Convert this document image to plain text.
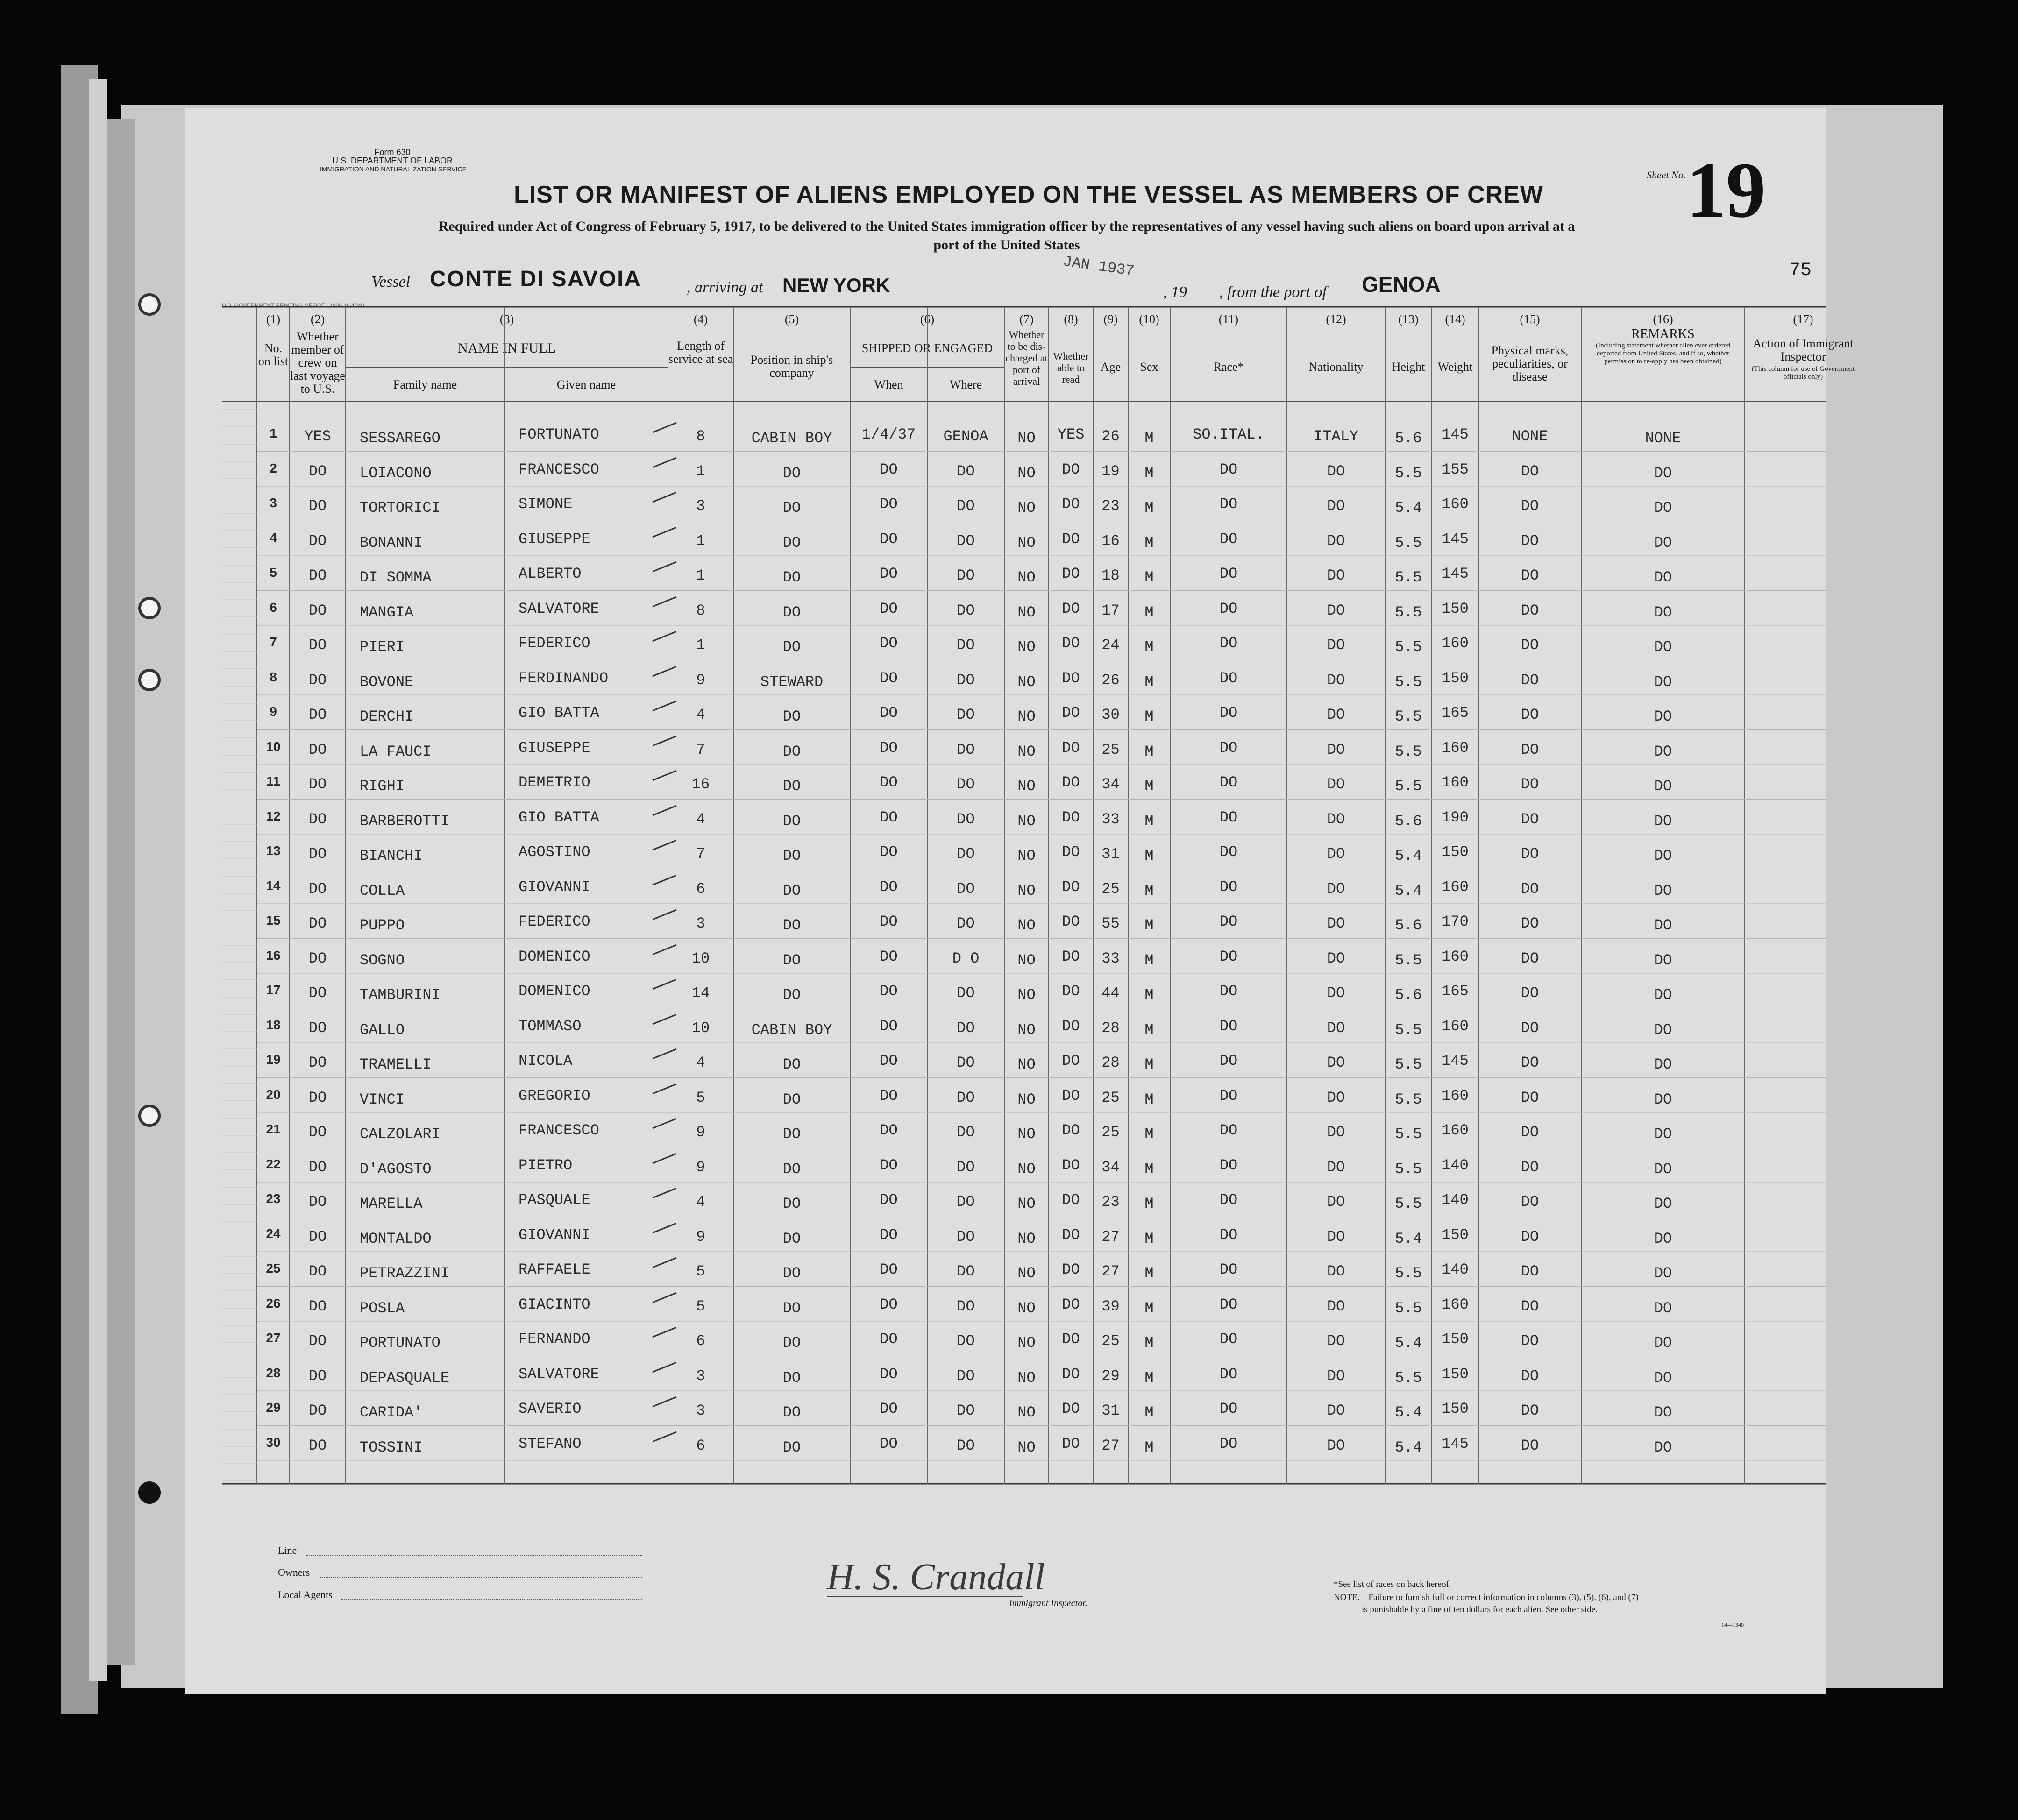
Form 630
U.S. DEPARTMENT OF LABOR
IMMIGRATION AND NATURALIZATION SERVICE
LIST OR MANIFEST OF ALIENS EMPLOYED ON THE VESSEL AS MEMBERS OF CREW
Required under Act of Congress of February 5, 1917, to be delivered to the United States immigration officer by the representatives of any vessel having such aliens on board upon arrival at a
port of the United States
Sheet No. 19
75
Vessel CONTE DI SAVOIA	, arriving at NEW YORK
JAN 1937
, 19 , from the port of GENOA
U.S. GOVERNMENT PRINTING OFFICE : 1936 16-1340
(1)
No. on list
(2)
Whether member of crew on last voyage to U.S.
(3)
NAME IN FULL
Family name	Given name
(4)
Length of service at sea
(5)
Position in ship's company
(6)
SHIPPED OR ENGAGED
When	Where
(7)
Whether to be dis-charged at port of arrival
(8)
Whether able to read
(9)
Age
(10)
Sex
(11)
Race*
(12)
Nationality
(13)
Height
(14)
Weight
(15)
Physical marks, peculiarities, or disease
(16)
REMARKS
(Including statement whether alien ever ordered deported from United States, and if so, whether permission to re-apply has been obtained)
(17)
Action of Immigrant Inspector
(This column for use of Government officials only)
1	YES	SESSAREGO	FORTUNATO	8	CABIN BOY	1/4/37	GENOA	NO	YES	26	M	SO.ITAL.	ITALY	5.6	145	NONE	NONE
2	DO	LOIACONO	FRANCESCO	1	DO	DO	DO	NO	DO	19	M	DO	DO	5.5	155	DO	DO
3	DO	TORTORICI	SIMONE	3	DO	DO	DO	NO	DO	23	M	DO	DO	5.4	160	DO	DO
4	DO	BONANNI	GIUSEPPE	1	DO	DO	DO	NO	DO	16	M	DO	DO	5.5	145	DO	DO
5	DO	DI SOMMA	ALBERTO	1	DO	DO	DO	NO	DO	18	M	DO	DO	5.5	145	DO	DO
6	DO	MANGIA	SALVATORE	8	DO	DO	DO	NO	DO	17	M	DO	DO	5.5	150	DO	DO
7	DO	PIERI	FEDERICO	1	DO	DO	DO	NO	DO	24	M	DO	DO	5.5	160	DO	DO
8	DO	BOVONE	FERDINANDO	9	STEWARD	DO	DO	NO	DO	26	M	DO	DO	5.5	150	DO	DO
9	DO	DERCHI	GIO BATTA	4	DO	DO	DO	NO	DO	30	M	DO	DO	5.5	165	DO	DO
10	DO	LA FAUCI	GIUSEPPE	7	DO	DO	DO	NO	DO	25	M	DO	DO	5.5	160	DO	DO
11	DO	RIGHI	DEMETRIO	16	DO	DO	DO	NO	DO	34	M	DO	DO	5.5	160	DO	DO
12	DO	BARBEROTTI	GIO BATTA	4	DO	DO	DO	NO	DO	33	M	DO	DO	5.6	190	DO	DO
13	DO	BIANCHI	AGOSTINO	7	DO	DO	DO	NO	DO	31	M	DO	DO	5.4	150	DO	DO
14	DO	COLLA	GIOVANNI	6	DO	DO	DO	NO	DO	25	M	DO	DO	5.4	160	DO	DO
15	DO	PUPPO	FEDERICO	3	DO	DO	DO	NO	DO	55	M	DO	DO	5.6	170	DO	DO
16	DO	SOGNO	DOMENICO	10	DO	DO	D O	NO	DO	33	M	DO	DO	5.5	160	DO	DO
17	DO	TAMBURINI	DOMENICO	14	DO	DO	DO	NO	DO	44	M	DO	DO	5.6	165	DO	DO
18	DO	GALLO	TOMMASO	10	CABIN BOY	DO	DO	NO	DO	28	M	DO	DO	5.5	160	DO	DO
19	DO	TRAMELLI	NICOLA	4	DO	DO	DO	NO	DO	28	M	DO	DO	5.5	145	DO	DO
20	DO	VINCI	GREGORIO	5	DO	DO	DO	NO	DO	25	M	DO	DO	5.5	160	DO	DO
21	DO	CALZOLARI	FRANCESCO	9	DO	DO	DO	NO	DO	25	M	DO	DO	5.5	160	DO	DO
22	DO	D'AGOSTO	PIETRO	9	DO	DO	DO	NO	DO	34	M	DO	DO	5.5	140	DO	DO
23	DO	MARELLA	PASQUALE	4	DO	DO	DO	NO	DO	23	M	DO	DO	5.5	140	DO	DO
24	DO	MONTALDO	GIOVANNI	9	DO	DO	DO	NO	DO	27	M	DO	DO	5.4	150	DO	DO
25	DO	PETRAZZINI	RAFFAELE	5	DO	DO	DO	NO	DO	27	M	DO	DO	5.5	140	DO	DO
26	DO	POSLA	GIACINTO	5	DO	DO	DO	NO	DO	39	M	DO	DO	5.5	160	DO	DO
27	DO	PORTUNATO	FERNANDO	6	DO	DO	DO	NO	DO	25	M	DO	DO	5.4	150	DO	DO
28	DO	DEPASQUALE	SALVATORE	3	DO	DO	DO	NO	DO	29	M	DO	DO	5.5	150	DO	DO
29	DO	CARIDA'	SAVERIO	3	DO	DO	DO	NO	DO	31	M	DO	DO	5.4	150	DO	DO
30	DO	TOSSINI	STEFANO	6	DO	DO	DO	NO	DO	27	M	DO	DO	5.4	145	DO	DO
Line
Owners
Local Agents	H. S. Crandall
Immigrant Inspector.
*See list of races on back hereof.
NOTE.—Failure to furnish full or correct information in columns (3), (5), (6), and (7)
is punishable by a fine of ten dollars for each alien. See other side.
14—1340
